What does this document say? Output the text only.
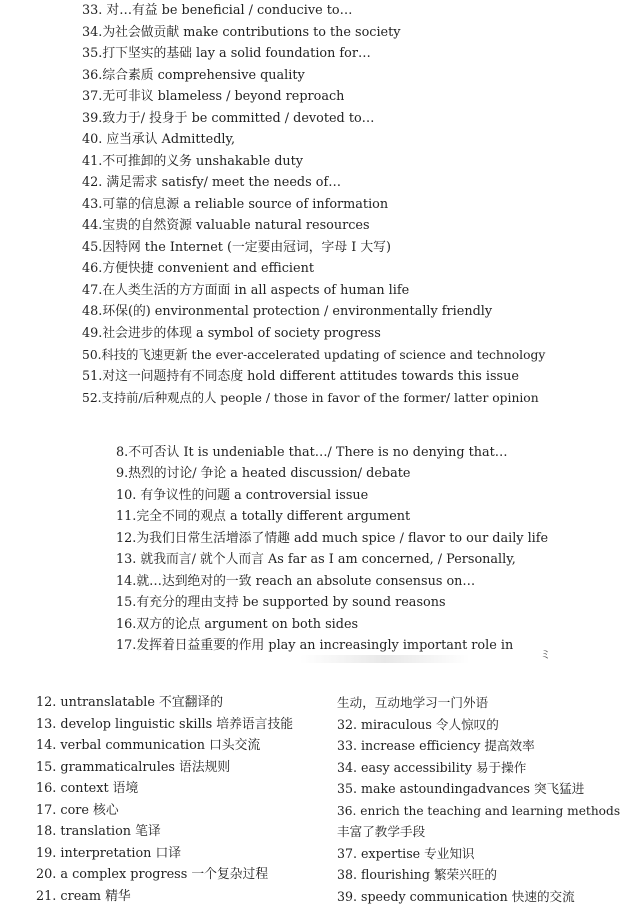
33. 对…有益 be beneficial / conducive to…
34.为社会做贡献 make contributions to the society
35.打下坚实的基础 lay a solid foundation for…
36.综合素质 comprehensive quality
37.无可非议 blameless / beyond reproach
39.致力于/ 投身于 be committed / devoted to…
40. 应当承认 Admittedly,
41.不可推卸的义务 unshakable duty
42. 满足需求 satisfy/ meet the needs of…
43.可靠的信息源 a reliable source of information
44.宝贵的自然资源 valuable natural resources
45.因特网 the Internet (一定要由冠词，字母 I 大写)
46.方便快捷 convenient and efficient
47.在人类生活的方方面面 in all aspects of human life
48.环保(的) environmental protection / environmentally friendly
49.社会进步的体现 a symbol of society progress
50.科技的飞速更新 the ever-accelerated updating of science and technology
51.对这一问题持有不同态度 hold different attitudes towards this issue
52.支持前/后种观点的人 people / those in favor of the former/ latter opinion
8.不可否认 It is undeniable that…/ There is no denying that…
9.热烈的讨论/ 争论 a heated discussion/ debate
10. 有争议性的问题 a controversial issue
11.完全不同的观点 a totally different argument
12.为我们日常生活增添了情趣 add much spice / flavor to our daily life
13. 就我而言/ 就个人而言 As far as I am concerned, / Personally,
14.就…达到绝对的一致 reach an absolute consensus on…
15.有充分的理由支持 be supported by sound reasons
16.双方的论点 argument on both sides
17.发挥着日益重要的作用 play an increasingly important role in
ミ
12. untranslatable 不宜翻译的
13. develop linguistic skills 培养语言技能
14. verbal communication 口头交流
15. grammaticalrules 语法规则
16. context 语境
17. core 核心
18. translation 笔译
19. interpretation 口译
20. a complex progress 一个复杂过程
21. cream 精华
生动，互动地学习一门外语
32. miraculous 令人惊叹的
33. increase efficiency 提高效率
34. easy accessibility 易于操作
35. make astoundingadvances 突飞猛进
36. enrich the teaching and learning methods
丰富了教学手段
37. expertise 专业知识
38. flourishing 繁荣兴旺的
39. speedy communication 快速的交流
